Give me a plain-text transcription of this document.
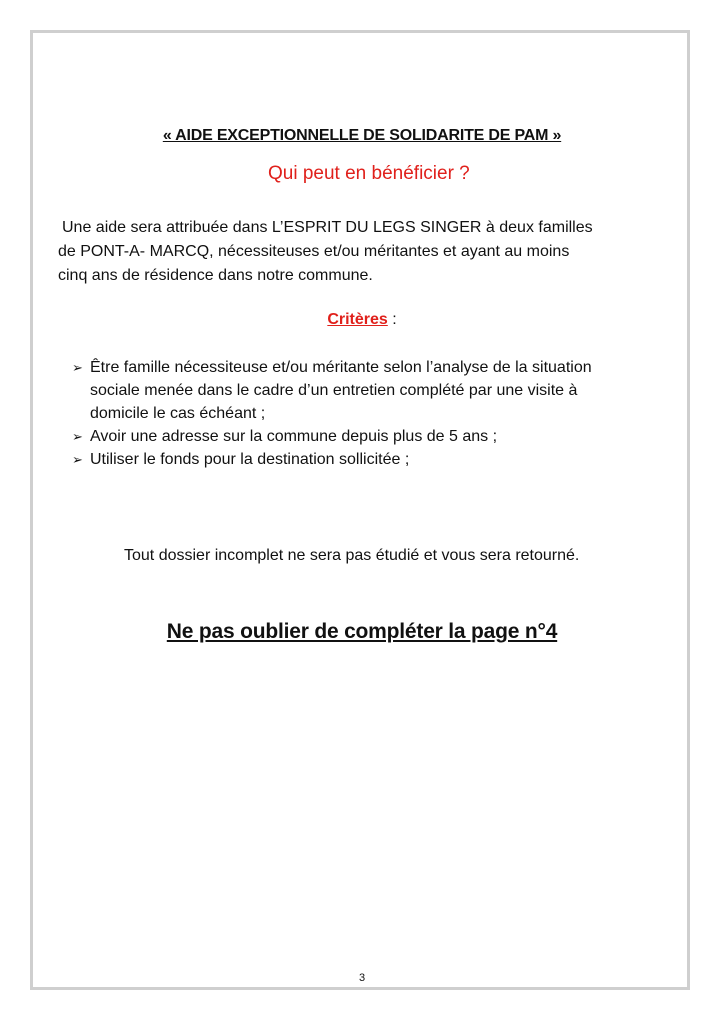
« AIDE EXCEPTIONNELLE DE SOLIDARITE DE PAM »
Qui peut en bénéficier ?
Une aide sera attribuée dans L’ESPRIT DU LEGS SINGER à deux familles
de PONT-A- MARCQ, nécessiteuses et/ou méritantes et ayant au moins
cinq ans de résidence dans notre commune.
Critères :
➢ Être famille nécessiteuse et/ou méritante selon l’analyse de la situation
sociale menée dans le cadre d’un entretien complété par une visite à
domicile le cas échéant ;
➢ Avoir une adresse sur la commune depuis plus de 5 ans ;
➢ Utiliser le fonds pour la destination sollicitée ;
Tout dossier incomplet ne sera pas étudié et vous sera retourné.
Ne pas oublier de compléter la page n°4
3
